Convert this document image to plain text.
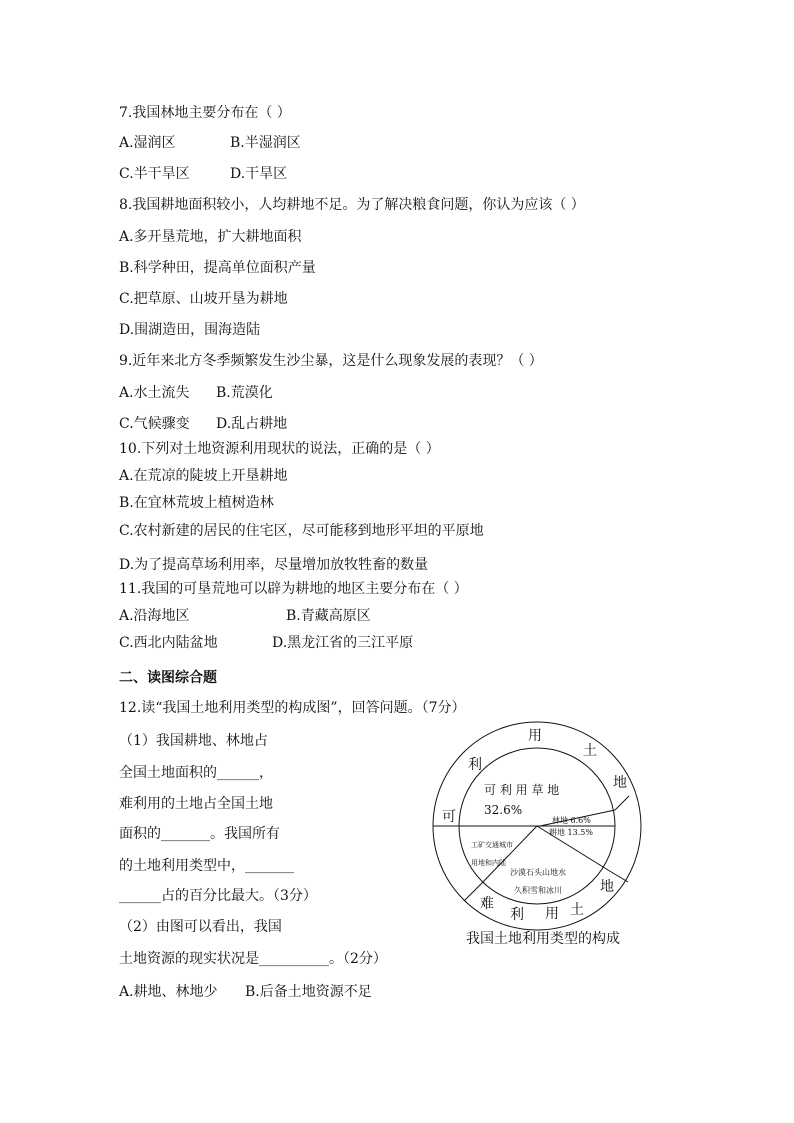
7.我国林地主要分布在（ ）
A.湿润区	B.半湿润区
C.半干旱区	D.干旱区
8.我国耕地面积较小，人均耕地不足。为了解决粮食问题，你认为应该（ ）
A.多开垦荒地，扩大耕地面积
B.科学种田，提高单位面积产量
C.把草原、山坡开垦为耕地
D.围湖造田，围海造陆
9.近年来北方冬季频繁发生沙尘暴，这是什么现象发展的表现？（ ）
A.水土流失 B.荒漠化
C.气候骤变 D.乱占耕地
10.下列对土地资源利用现状的说法，正确的是（ ）
A.在荒凉的陡坡上开垦耕地
B.在宜林荒坡上植树造林
C.农村新建的居民的住宅区，尽可能移到地形平坦的平原地
D.为了提高草场利用率，尽量增加放牧牲畜的数量
11.我国的可垦荒地可以辟为耕地的地区主要分布在（ ）
A.沿海地区	B.青藏高原区
C.西北内陆盆地	D.黑龙江省的三江平原
二、读图综合题
12.读“我国土地利用类型的构成图”，回答问题。（7分）
（1）我国耕地、林地占
全国土地面积的______，
难利用的土地占全国土地
面积的_______。我国所有
的土地利用类型中，_______
______占的百分比最大。（3分）
（2）由图可以看出，我国
土地资源的现实状况是__________。（2分）
A.耕地、林地少 B.后备土地资源不足
可
利
用
土
地
难
利 用 土
地
可 利 用 草 地
32.6%
林地 6.6%
耕地 13.5%
工矿交通城市
用地和内陆
沙漠石头山地水
久积雪和冰川
我国土地利用类型的构成
